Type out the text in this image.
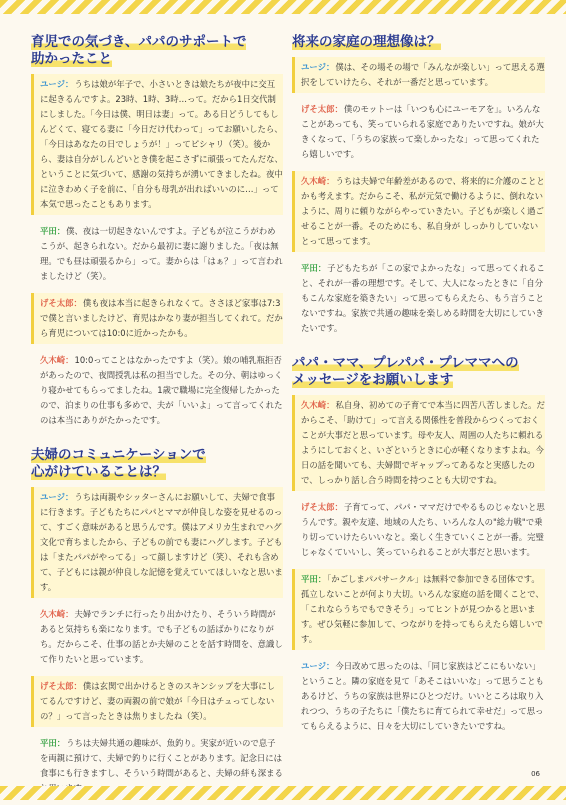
育児での気づき、パパのサポートで
助かったこと

ユージ：うちは娘が年子で、小さいときは娘たちが夜中に交互に起きるんですよ。23時、1時、3時…って。だから1日交代制にしました。「今日は僕、明日は妻」って。ある日どうしてもしんどくて、寝てる妻に「今日だけ代わって」ってお願いしたら、「今日はあなたの日でしょうが！」ってピシャリ（笑）。後から、妻は自分がしんどいとき僕を起こさずに頑張ってたんだな、ということに気づいて、感謝の気持ちが湧いてきましたね。夜中に泣きわめく子を前に、「自分も母乳が出ればいいのに…」って本気で思ったこともあります。

平田：僕、夜は一切起きないんですよ。子どもが泣こうがわめこうが、起きられない。だから最初に妻に謝りました。「夜は無理。でも昼は頑張るから」って。妻からは「はぁ？」って言われましたけど（笑）。

げそ太郎：僕も夜は本当に起きられなくて。ささほど家事は7:3で僕と言いましたけど、育児はかなり妻が担当してくれて。だから育児については10:0に近かったかも。

久木崎：10:0ってことはなかったですよ（笑）。娘の哺乳瓶拒否があったので、夜間授乳は私の担当でした。その分、朝はゆっくり寝かせてもらってましたね。1歳で職場に完全復帰したかったので、泊まりの仕事も多めで、夫が「いいよ」って言ってくれたのは本当にありがたかったです。

夫婦のコミュニケーションで
心がけていることは？

ユージ：うちは両親やシッターさんにお願いして、夫婦で食事に行きます。子どもたちにパパとママが仲良しな姿を見せるのって、すごく意味があると思うんです。僕はアメリカ生まれでハグ文化で育ちましたから、子どもの前でも妻にハグします。子どもは「またパパがやってる」って顔しますけど（笑）、それも含めて、子どもには親が仲良しな記憶を覚えていてほしいなと思います。

久木崎：夫婦でランチに行ったり出かけたり、そういう時間があると気持ちも楽になります。でも子どもの話ばかりになりがち。だからこそ、仕事の話とか夫婦のことを話す時間を、意識して作りたいと思っています。

げそ太郎：僕は玄関で出かけるときのスキンシップを大事にしてるんですけど、妻の両親の前で娘が「今日はチュってしないの？」って言ったときは焦りましたね（笑）。

平田：うちは夫婦共通の趣味が、魚釣り。実家が近いので息子を両親に預けて、夫婦で釣りに行くことがあります。記念日には食事にも行きますし、そういう時間があると、夫婦の絆も深まる

将来の家庭の理想像は？

ユージ：僕は、その場その場で「みんなが楽しい」って思える選択をしていけたら、それが一番だと思っています。

げそ太郎：僕のモットーは「いつも心にユーモアを」。いろんなことがあっても、笑っていられる家庭でありたいですね。娘が大きくなって、「うちの家族って楽しかったな」って思ってくれたら嬉しいです。

久木崎：うちは夫婦で年齢差があるので、将来的に介護のこととかも考えます。だからこそ、私が元気で働けるように、倒れないように、周りに頼りながらやっていきたい。子どもが楽しく過ごせることが一番。そのためにも、私自身が しっかりしていないとって思ってます。

平田：子どもたちが「この家でよかったな」って思ってくれること、それが一番の理想です。そして、大人になったときに「自分もこんな家庭を築きたい」って思ってもらえたら、もう言うことないですね。家族で共通の趣味を楽しめる時間を大切にしていきたいです。

パパ・ママ、プレパパ・プレママへの
メッセージをお願いします

久木崎：私自身、初めての子育てで本当に四苦八苦しました。だからこそ、「助けて」って言える関係性を普段からつくっておくことが大事だと思っています。母や友人、周囲の人たちに頼れるようにしておくと、いざというときに心が軽くなりますよね。今日の話を聞いても、夫婦間でギャップってあるなと実感したので、しっかり話し合う時間を持つことも大切ですね。

げそ太郎：子育てって、パパ・ママだけでやるものじゃないと思うんです。親や友達、地域の人たち、いろんな人の"総力戦"で乗り切っていけたらいいなと。楽しく生きていくことが一番。完璧じゃなくていいし、笑っていられることが大事だと思います。

平田：「かごしまパパサークル」は無料で参加できる団体です。孤立しないことが何より大切。いろんな家庭の話を聞くことで、「これならうちでもできそう」ってヒントが見つかると思います。ぜひ気軽に参加して、つながりを持ってもらえたら嬉しいです。

ユージ：今日改めて思ったのは、「同じ家族はどこにもいない」ということ。隣の家庭を見て「あそこはいいな」って思うこともあるけど、うちの家族は世界にひとつだけ。いいところは取り入れつつ、うちの子たちに「僕たちに育てられて幸せだ」って思ってもらえるように、日々を大切にしていきたいですね。

06
